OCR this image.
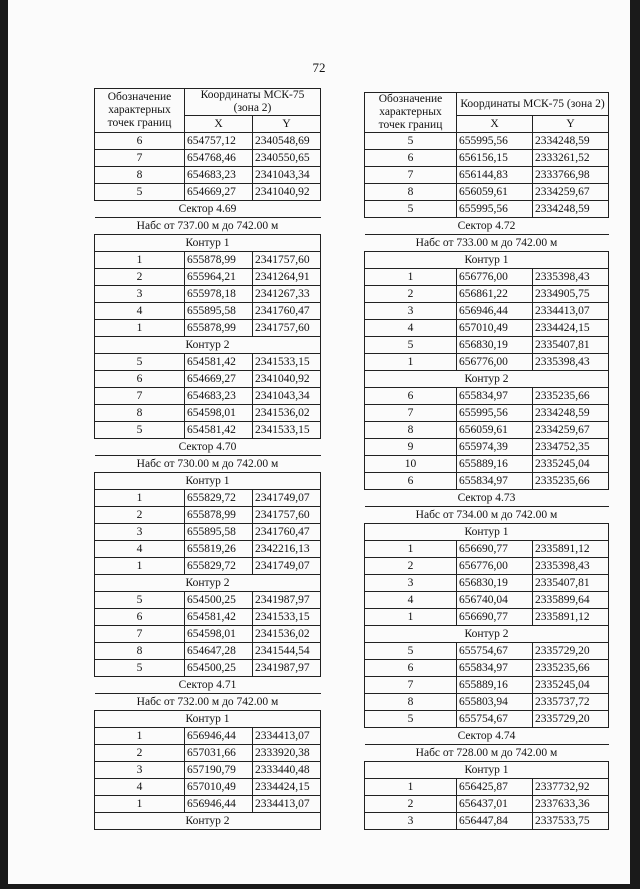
72
Обозначение характерных точек границ	Координаты МСК-75 (зона 2)	
	X	Y
6	654757,12	2340548,69
7	654768,46	2340550,65
8	654683,23	2341043,34
5	654669,27	2341040,92
Сектор 4.69		
Набс от 737.00 м до 742.00 м		
Контур 1		
1	655878,99	2341757,60
2	655964,21	2341264,91
3	655978,18	2341267,33
4	655895,58	2341760,47
1	655878,99	2341757,60
Контур 2		
5	654581,42	2341533,15
6	654669,27	2341040,92
7	654683,23	2341043,34
8	654598,01	2341536,02
5	654581,42	2341533,15
Сектор 4.70		
Набс от 730.00 м до 742.00 м		
Контур 1		
1	655829,72	2341749,07
2	655878,99	2341757,60
3	655895,58	2341760,47
4	655819,26	2342216,13
1	655829,72	2341749,07
Контур 2		
5	654500,25	2341987,97
6	654581,42	2341533,15
7	654598,01	2341536,02
8	654647,28	2341544,54
5	654500,25	2341987,97
Сектор 4.71		
Набс от 732.00 м до 742.00 м		
Контур 1		
1	656946,44	2334413,07
2	657031,66	2333920,38
3	657190,79	2333440,48
4	657010,49	2334424,15
1	656946,44	2334413,07
Контур 2		
Обозначение характерных точек границ	Координаты МСК-75 (зона 2)	
	X	Y
5	655995,56	2334248,59
6	656156,15	2333261,52
7	656144,83	2333766,98
8	656059,61	2334259,67
5	655995,56	2334248,59
Сектор 4.72		
Набс от 733.00 м до 742.00 м		
Контур 1		
1	656776,00	2335398,43
2	656861,22	2334905,75
3	656946,44	2334413,07
4	657010,49	2334424,15
5	656830,19	2335407,81
1	656776,00	2335398,43
Контур 2		
6	655834,97	2335235,66
7	655995,56	2334248,59
8	656059,61	2334259,67
9	655974,39	2334752,35
10	655889,16	2335245,04
6	655834,97	2335235,66
Сектор 4.73		
Набс от 734.00 м до 742.00 м		
Контур 1		
1	656690,77	2335891,12
2	656776,00	2335398,43
3	656830,19	2335407,81
4	656740,04	2335899,64
1	656690,77	2335891,12
Контур 2		
5	655754,67	2335729,20
6	655834,97	2335235,66
7	655889,16	2335245,04
8	655803,94	2335737,72
5	655754,67	2335729,20
Сектор 4.74		
Набс от 728.00 м до 742.00 м		
Контур 1		
1	656425,87	2337732,92
2	656437,01	2337633,36
3	656447,84	2337533,75
